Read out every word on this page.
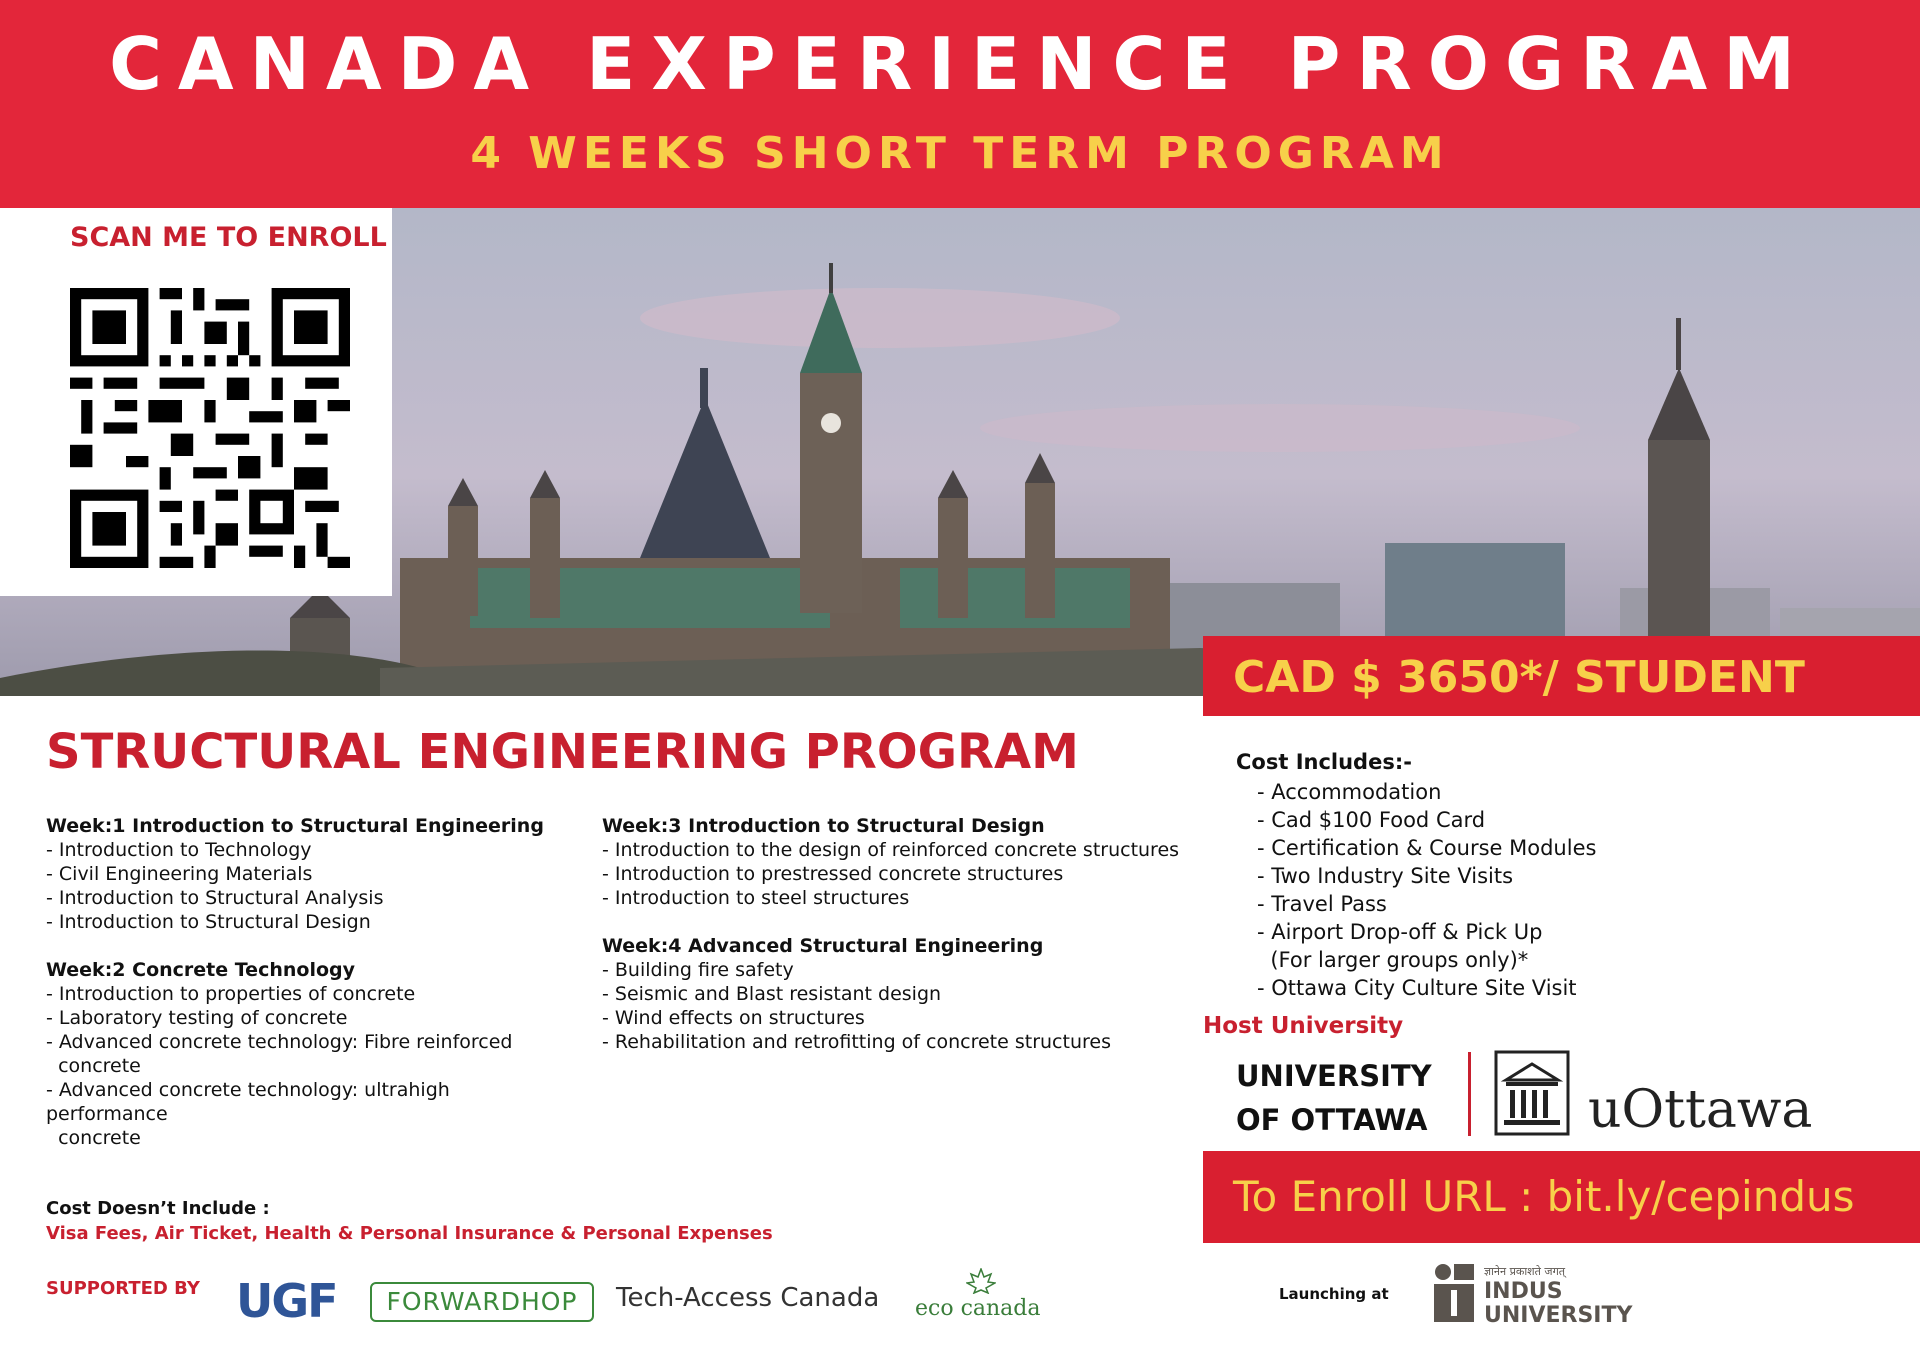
CANADA EXPERIENCE PROGRAM
4 WEEKS SHORT TERM PROGRAM
SCAN ME TO ENROLL
CAD $ 3650*/ STUDENT
STRUCTURAL ENGINEERING PROGRAM
Week:1 Introduction to Structural Engineering
- Introduction to Technology
- Civil Engineering Materials
- Introduction to Structural Analysis
- Introduction to Structural Design
Week:2 Concrete Technology
- Introduction to properties of concrete
- Laboratory testing of concrete
- Advanced concrete technology: Fibre reinforced
concrete
- Advanced concrete technology: ultrahigh
performance
concrete
Week:3 Introduction to Structural Design
- Introduction to the design of reinforced concrete structures
- Introduction to prestressed concrete structures
- Introduction to steel structures
Week:4 Advanced Structural Engineering
- Building fire safety
- Seismic and Blast resistant design
- Wind effects on structures
- Rehabilitation and retrofitting of concrete structures
Cost Includes:-
- Accommodation
- Cad $100 Food Card
- Certification & Course Modules
- Two Industry Site Visits
- Travel Pass
- Airport Drop-off & Pick Up
(For larger groups only)*
- Ottawa City Culture Site Visit
Host University
UNIVERSITY
OF OTTAWA	uOttawa
To Enroll URL : bit.ly/cepindus
Cost Doesn’t Include :
Visa Fees, Air Ticket, Health & Personal Insurance & Personal Expenses
SUPPORTED BY UGF	FORWARDHOP	Tech-Access Canada eco canada
Launching at
ज्ञानेन प्रकाशते जगत्
INDUS
UNIVERSITY
